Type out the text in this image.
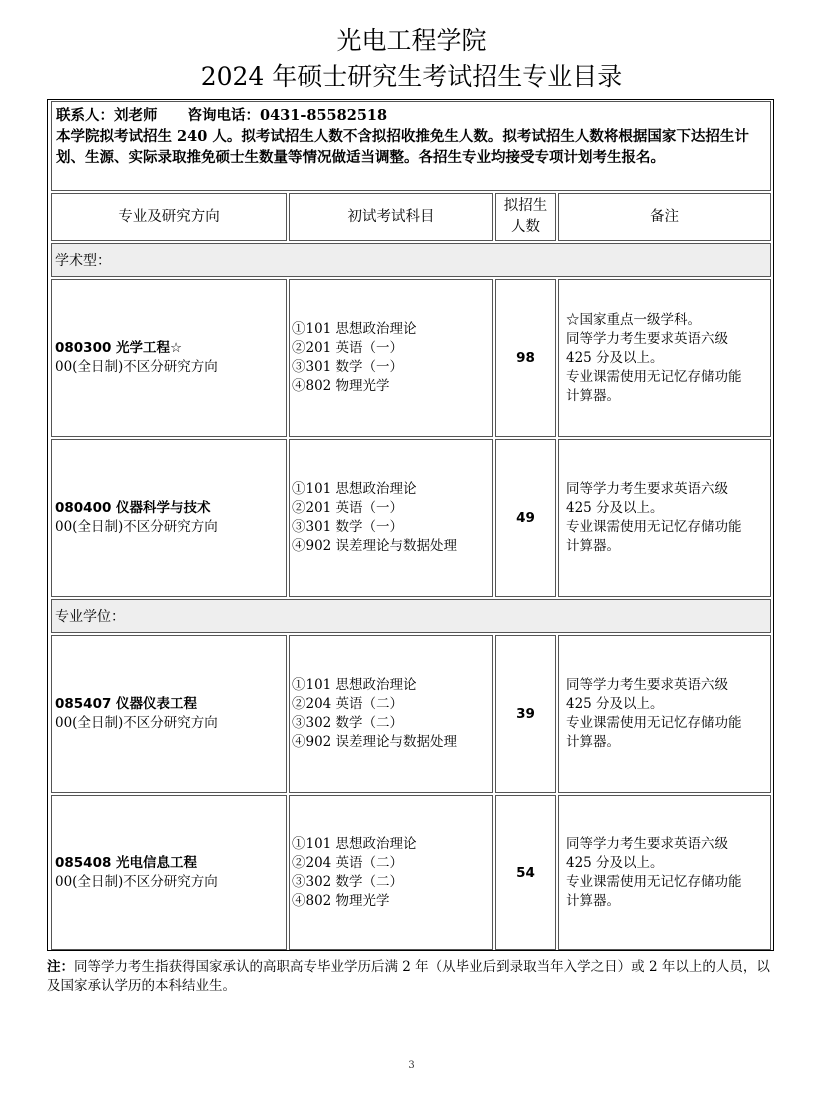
光电工程学院
2024 年硕士研究生考试招生专业目录
联系人：刘老师 咨询电话：0431-85582518
本学院拟考试招生 240 人。拟考试招生人数不含拟招收推免生人数。拟考试招生人数将根据国家下达招生计划、生源、实际录取推免硕士生数量等情况做适当调整。各招生专业均接受专项计划考生报名。
专业及研究方向	初试考试科目
拟招生人数
备注
学术型：
080300 光学工程☆
00(全日制)不区分研究方向
①101 思想政治理论
②201 英语（一）
③301 数学（一）
④802 物理光学
98
☆国家重点一级学科。
同等学力考生要求英语六级
425 分及以上。
专业课需使用无记忆存储功能
计算器。
080400 仪器科学与技术
00(全日制)不区分研究方向
①101 思想政治理论
②201 英语（一）
③301 数学（一）
④902 误差理论与数据处理
49
同等学力考生要求英语六级
425 分及以上。
专业课需使用无记忆存储功能
计算器。
专业学位：
085407 仪器仪表工程
00(全日制)不区分研究方向
①101 思想政治理论
②204 英语（二）
③302 数学（二）
④902 误差理论与数据处理
39
同等学力考生要求英语六级
425 分及以上。
专业课需使用无记忆存储功能
计算器。
085408 光电信息工程
00(全日制)不区分研究方向
①101 思想政治理论
②204 英语（二）
③302 数学（二）
④802 物理光学
54
同等学力考生要求英语六级
425 分及以上。
专业课需使用无记忆存储功能
计算器。
注：同等学力考生指获得国家承认的高职高专毕业学历后满 2 年（从毕业后到录取当年入学之日）或 2 年以上的人员，以及国家承认学历的本科结业生。
3
